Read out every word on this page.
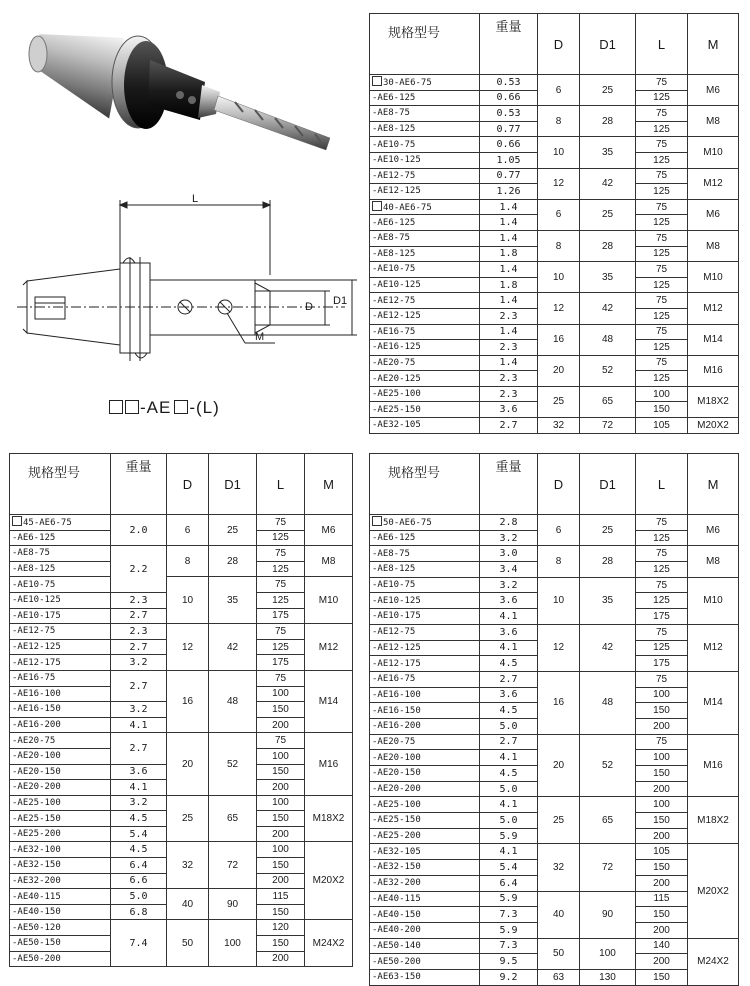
L
D D1
M
-AE -(L)
规格型号	重量	D	D1	L	M
30-AE6-75	0.53	6	25	75	M6
-AE6-125	0.66			125	
-AE8-75	0.53	8	28	75	M8
-AE8-125	0.77			125	
-AE10-75	0.66	10	35	75	M10
-AE10-125	1.05			125	
-AE12-75	0.77	12	42	75	M12
-AE12-125	1.26			125	
40-AE6-75	1.4	6	25	75	M6
-AE6-125	1.4			125	
-AE8-75	1.4	8	28	75	M8
-AE8-125	1.8			125	
-AE10-75	1.4	10	35	75	M10
-AE10-125	1.8			125	
-AE12-75	1.4	12	42	75	M12
-AE12-125	2.3			125	
-AE16-75	1.4	16	48	75	M14
-AE16-125	2.3			125	
-AE20-75	1.4	20	52	75	M16
-AE20-125	2.3			125	
-AE25-100	2.3	25	65	100	M18X2
-AE25-150	3.6			150	
-AE32-105	2.7	32	72	105	M20X2
规格型号	重量	D	D1	L	M
45-AE6-75	2.0	6	25	75	M6
-AE6-125				125	
-AE8-75	2.2	8	28	75	M8
-AE8-125				125	
-AE10-75		10	35	75	M10
-AE10-125	2.3			125	
-AE10-175	2.7			175	
-AE12-75	2.3	12	42	75	M12
-AE12-125	2.7			125	
-AE12-175	3.2			175	
-AE16-75	2.7	16	48	75	M14
-AE16-100				100	
-AE16-150	3.2			150	
-AE16-200	4.1			200	
-AE20-75	2.7	20	52	75	M16
-AE20-100				100	
-AE20-150	3.6			150	
-AE20-200	4.1			200	
-AE25-100	3.2	25	65	100	M18X2
-AE25-150	4.5			150	
-AE25-200	5.4			200	
-AE32-100	4.5	32	72	100	M20X2
-AE32-150	6.4			150	
-AE32-200	6.6			200	
-AE40-115	5.0	40	90	115	
-AE40-150	6.8			150	
-AE50-120	7.4	50	100	120	M24X2
-AE50-150				150	
-AE50-200				200	
规格型号	重量	D	D1	L	M
50-AE6-75	2.8	6	25	75	M6
-AE6-125	3.2			125	
-AE8-75	3.0	8	28	75	M8
-AE8-125	3.4			125	
-AE10-75	3.2	10	35	75	M10
-AE10-125	3.6			125	
-AE10-175	4.1			175	
-AE12-75	3.6	12	42	75	M12
-AE12-125	4.1			125	
-AE12-175	4.5			175	
-AE16-75	2.7	16	48	75	M14
-AE16-100	3.6			100	
-AE16-150	4.5			150	
-AE16-200	5.0			200	
-AE20-75	2.7	20	52	75	M16
-AE20-100	4.1			100	
-AE20-150	4.5			150	
-AE20-200	5.0			200	
-AE25-100	4.1	25	65	100	M18X2
-AE25-150	5.0			150	
-AE25-200	5.9			200	
-AE32-105	4.1	32	72	105	M20X2
-AE32-150	5.4			150	
-AE32-200	6.4			200	
-AE40-115	5.9	40	90	115	
-AE40-150	7.3			150	
-AE40-200	5.9			200	
-AE50-140	7.3	50	100	140	M24X2
-AE50-200	9.5			200	
-AE63-150	9.2	63	130	150	
